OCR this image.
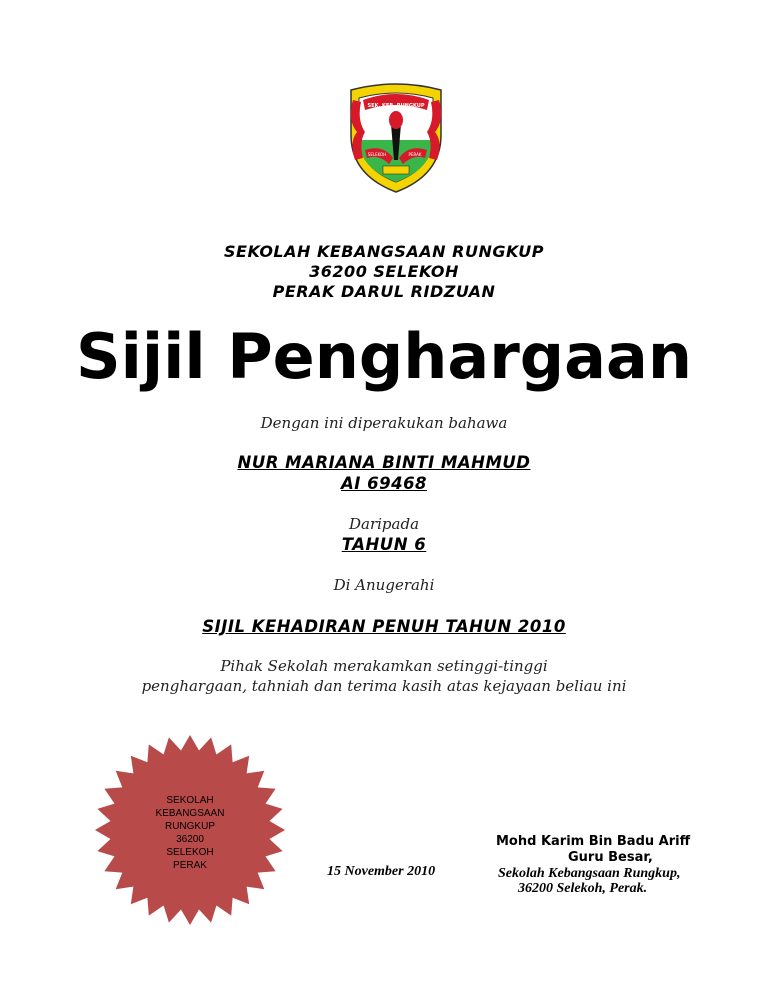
SEK. KEB. RUNGKUP
SELEKOH	PERAK
SEKOLAH KEBANGSAAN RUNGKUP
36200 SELEKOH
PERAK DARUL RIDZUAN
Sijil Penghargaan
Dengan ini diperakukan bahawa
NUR MARIANA BINTI MAHMUD
AI 69468
Daripada
TAHUN 6
Di Anugerahi
SIJIL KEHADIRAN PENUH TAHUN 2010
Pihak Sekolah merakamkan setinggi-tinggi
penghargaan, tahniah dan terima kasih atas kejayaan beliau ini
SEKOLAH
KEBANGSAAN
RUNGKUP
36200
SELEKOH
PERAK	15 November 2010
Mohd Karim Bin Badu Ariff
Guru Besar,
Sekolah Kebangsaan Rungkup,
36200 Selekoh, Perak.
